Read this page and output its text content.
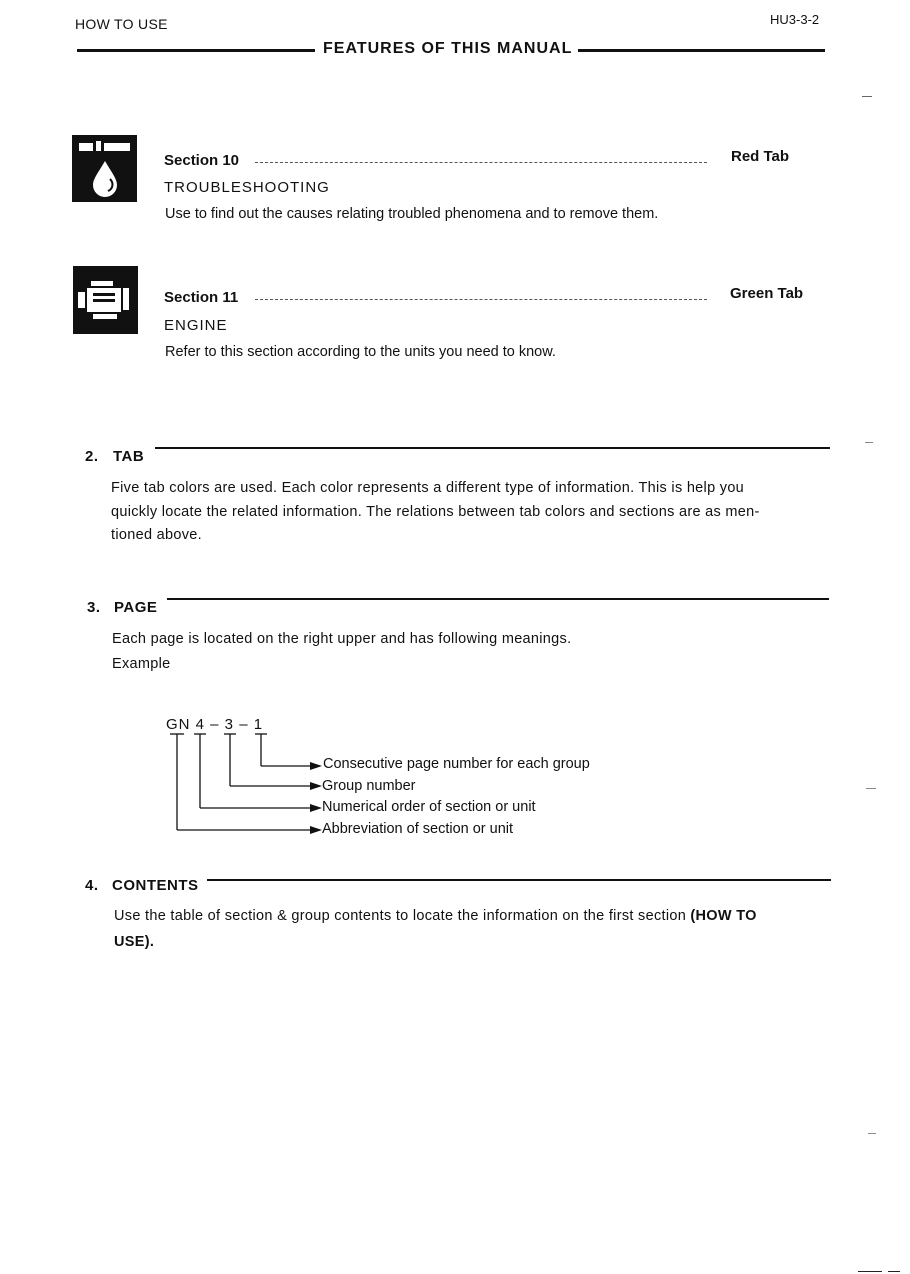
HOW TO USE	HU3-3-2
FEATURES OF THIS MANUAL
Section 10	Red Tab
TROUBLESHOOTING
Use to find out the causes relating troubled phenomena and to remove them.
Section 11	Green Tab
ENGINE
Refer to this section according to the units you need to know.
2. TAB
Five tab colors are used. Each color represents a different type of information. This is help you
quickly locate the related information. The relations between tab colors and sections are as men-
tioned above.
3. PAGE
Each page is located on the right upper and has following meanings.
Example
GN 4 – 3 – 1
Consecutive page number for each group
Group number
Numerical order of section or unit
Abbreviation of section or unit
4. CONTENTS
Use the table of section & group contents to locate the information on the first section (HOW TO
USE).
